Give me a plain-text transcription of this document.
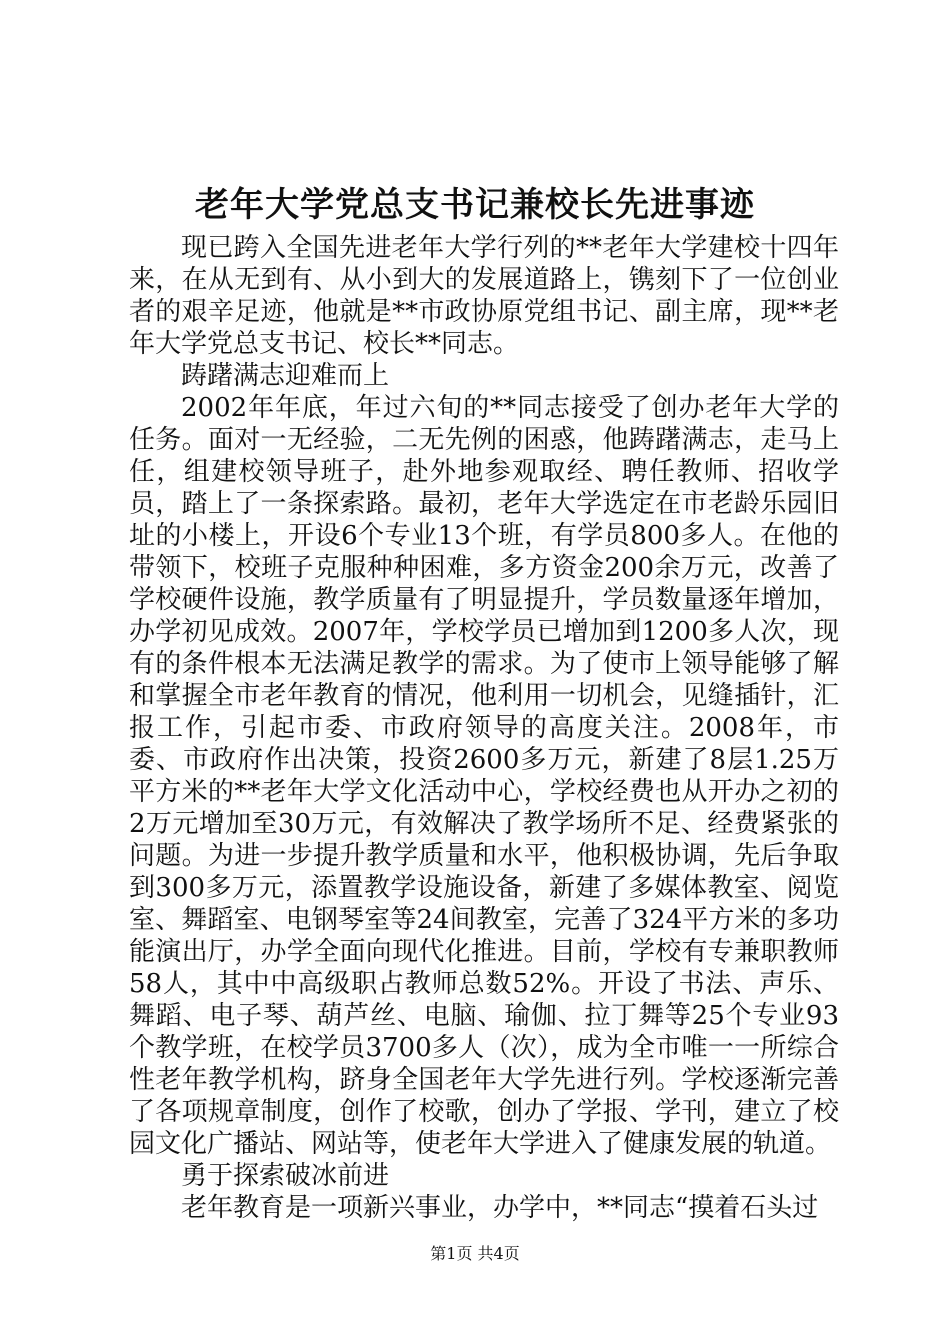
老年大学党总支书记兼校长先进事迹

现已跨入全国先进老年大学行列的**老年大学建校十四年来，在从无到有、从小到大的发展道路上，镌刻下了一位创业者的艰辛足迹，他就是**市政协原党组书记、副主席，现**老年大学党总支书记、校长**同志。

踌躇满志迎难而上

2002年年底，年过六旬的**同志接受了创办老年大学的任务。面对一无经验，二无先例的困惑，他踌躇满志，走马上任，组建校领导班子，赴外地参观取经、聘任教师、招收学员，踏上了一条探索路。最初，老年大学选定在市老龄乐园旧址的小楼上，开设6个专业13个班，有学员800多人。在他的带领下，校班子克服种种困难，多方资金200余万元，改善了学校硬件设施，教学质量有了明显提升，学员数量逐年增加，办学初见成效。2007年，学校学员已增加到1200多人次，现有的条件根本无法满足教学的需求。为了使市上领导能够了解和掌握全市老年教育的情况，他利用一切机会，见缝插针，汇报工作，引起市委、市政府领导的高度关注。2008年，市委、市政府作出决策，投资2600多万元，新建了8层1.25万平方米的**老年大学文化活动中心，学校经费也从开办之初的2万元增加至30万元，有效解决了教学场所不足、经费紧张的问题。为进一步提升教学质量和水平，他积极协调，先后争取到300多万元，添置教学设施设备，新建了多媒体教室、阅览室、舞蹈室、电钢琴室等24间教室，完善了324平方米的多功能演出厅，办学全面向现代化推进。目前，学校有专兼职教师58人，其中中高级职占教师总数52%。开设了书法、声乐、舞蹈、电子琴、葫芦丝、电脑、瑜伽、拉丁舞等25个专业93个教学班，在校学员3700多人（次），成为全市唯一一所综合性老年教学机构，跻身全国老年大学先进行列。学校逐渐完善了各项规章制度，创作了校歌，创办了学报、学刊，建立了校园文化广播站、网站等，使老年大学进入了健康发展的轨道。

勇于探索破冰前进

老年教育是一项新兴事业，办学中，**同志“摸着石头过

第1页 共4页
